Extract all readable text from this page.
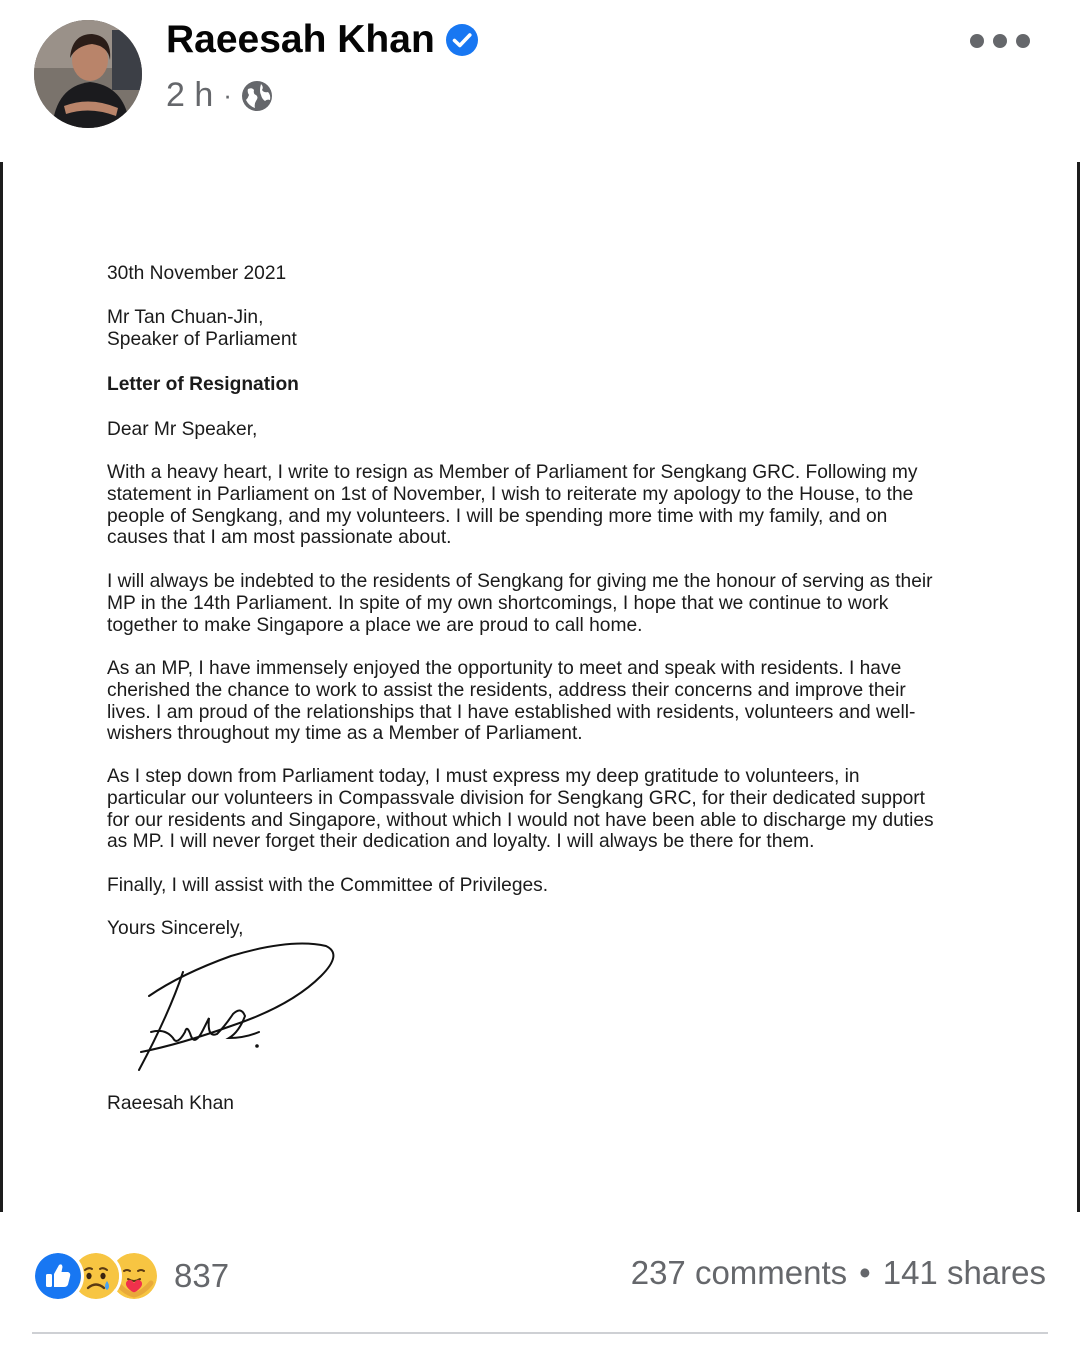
Raeesah Khan
2 h ·
30th November 2021
Mr Tan Chuan-Jin,
Speaker of Parliament
Letter of Resignation
Dear Mr Speaker,
With a heavy heart, I write to resign as Member of Parliament for Sengkang GRC. Following my
statement in Parliament on 1st of November, I wish to reiterate my apology to the House, to the
people of Sengkang, and my volunteers. I will be spending more time with my family, and on
causes that I am most passionate about.
I will always be indebted to the residents of Sengkang for giving me the honour of serving as their
MP in the 14th Parliament. In spite of my own shortcomings, I hope that we continue to work
together to make Singapore a place we are proud to call home.
As an MP, I have immensely enjoyed the opportunity to meet and speak with residents. I have
cherished the chance to work to assist the residents, address their concerns and improve their
lives. I am proud of the relationships that I have established with residents, volunteers and well-
wishers throughout my time as a Member of Parliament.
As I step down from Parliament today, I must express my deep gratitude to volunteers, in
particular our volunteers in Compassvale division for Sengkang GRC, for their dedicated support
for our residents and Singapore, without which I would not have been able to discharge my duties
as MP. I will never forget their dedication and loyalty. I will always be there for them.
Finally, I will assist with the Committee of Privileges.
Yours Sincerely,
Raeesah Khan
837	237 comments • 141 shares
